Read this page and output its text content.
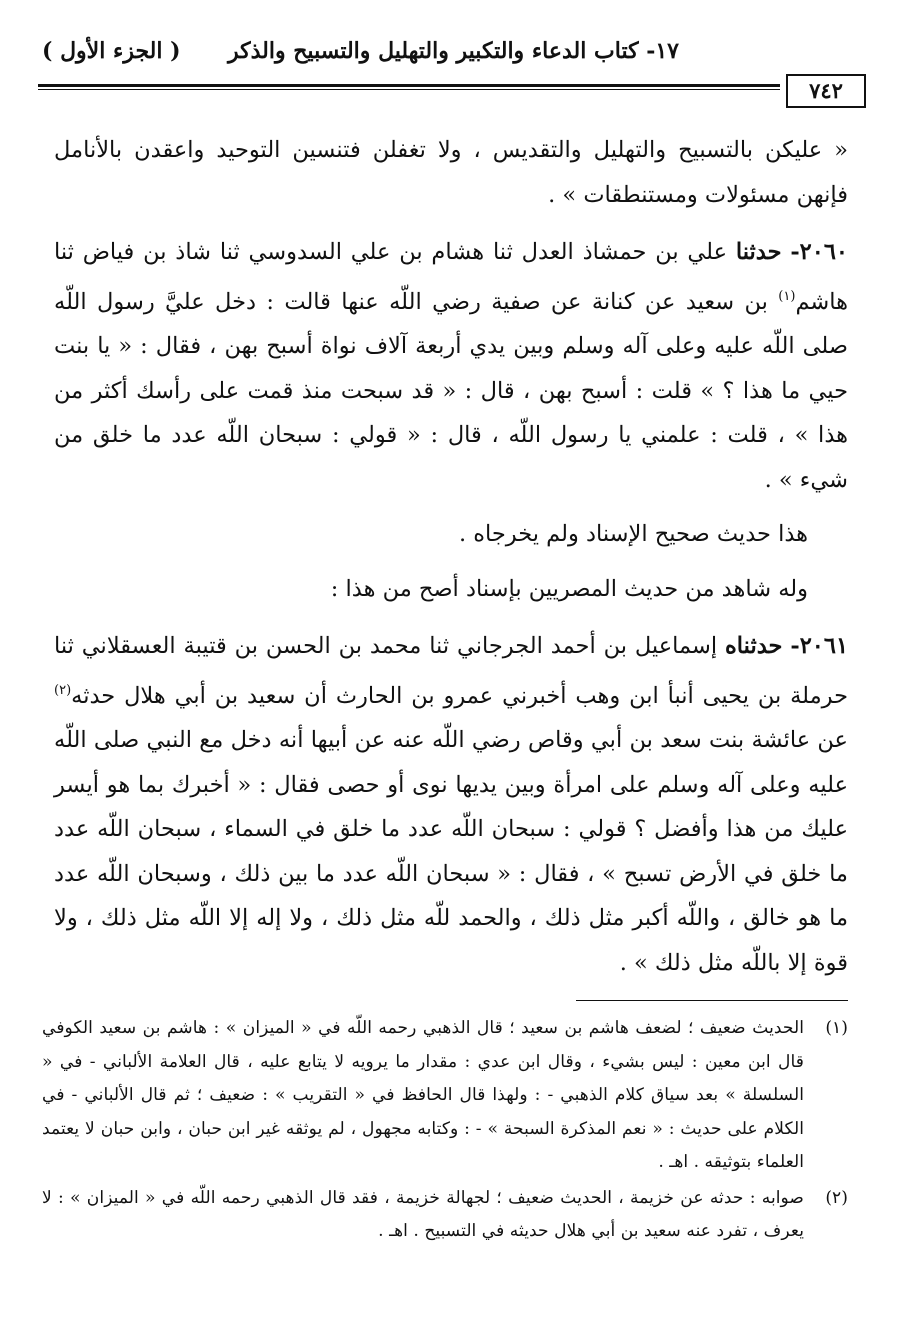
١٧- كتاب الدعاء والتكبير والتهليل والتسبيح والذكر
( الجزء الأول )
٧٤٢

« عليكن بالتسبيح والتهليل والتقديس ، ولا تغفلن فتنسين التوحيد واعقدن بالأنامل فإنهن مسئولات ومستنطقات » .

٢٠٦٠- حدثنا علي بن حمشاذ العدل ثنا هشام بن علي السدوسي ثنا شاذ بن فياض ثنا هاشم$^{(١)}$ بن سعيد عن كنانة عن صفية رضي اللّه عنها قالت : دخل عليَّ رسول اللّه صلى اللّه عليه وعلى آله وسلم وبين يدي أربعة آلاف نواة أسبح بهن ، فقال : « يا بنت حيي ما هذا ؟ » قلت : أسبح بهن ، قال : « قد سبحت منذ قمت على رأسك أكثر من هذا » ، قلت : علمني يا رسول اللّه ، قال : « قولي : سبحان اللّه عدد ما خلق من شيء » .

هذا حديث صحيح الإسناد ولم يخرجاه .

وله شاهد من حديث المصريين بإسناد أصح من هذا :

٢٠٦١- حدثناه إسماعيل بن أحمد الجرجاني ثنا محمد بن الحسن بن قتيبة العسقلاني ثنا حرملة بن يحيى أنبأ ابن وهب أخبرني عمرو بن الحارث أن سعيد بن أبي هلال حدثه$^{(٢)}$ عن عائشة بنت سعد بن أبي وقاص رضي اللّه عنه عن أبيها أنه دخل مع النبي صلى اللّه عليه وعلى آله وسلم على امرأة وبين يديها نوى أو حصى فقال : « أخبرك بما هو أيسر عليك من هذا وأفضل ؟ قولي : سبحان اللّه عدد ما خلق في السماء ، سبحان اللّه عدد ما خلق في الأرض تسبح » ، فقال : « سبحان اللّه عدد ما بين ذلك ، وسبحان اللّه عدد ما هو خالق ، واللّه أكبر مثل ذلك ، والحمد للّه مثل ذلك ، ولا إله إلا اللّه مثل ذلك ، ولا قوة إلا باللّه مثل ذلك » .

(١)
الحديث ضعيف ؛ لضعف هاشم بن سعيد ؛ قال الذهبي رحمه اللّه في « الميزان » : هاشم بن سعيد الكوفي قال ابن معين : ليس بشيء ، وقال ابن عدي : مقدار ما يرويه لا يتابع عليه ، قال العلامة الألباني - في « السلسلة » بعد سياق كلام الذهبي - : ولهذا قال الحافظ في « التقريب » : ضعيف ؛ ثم قال الألباني - في الكلام على حديث : « نعم المذكرة السبحة » - : وكتابه مجهول ، لم يوثقه غير ابن حبان ، وابن حبان لا يعتمد العلماء بتوثيقه . اهـ .
(٢)
صوابه : حدثه عن خزيمة ، الحديث ضعيف ؛ لجهالة خزيمة ، فقد قال الذهبي رحمه اللّه في « الميزان » : لا يعرف ، تفرد عنه سعيد بن أبي هلال حديثه في التسبيح . اهـ .
